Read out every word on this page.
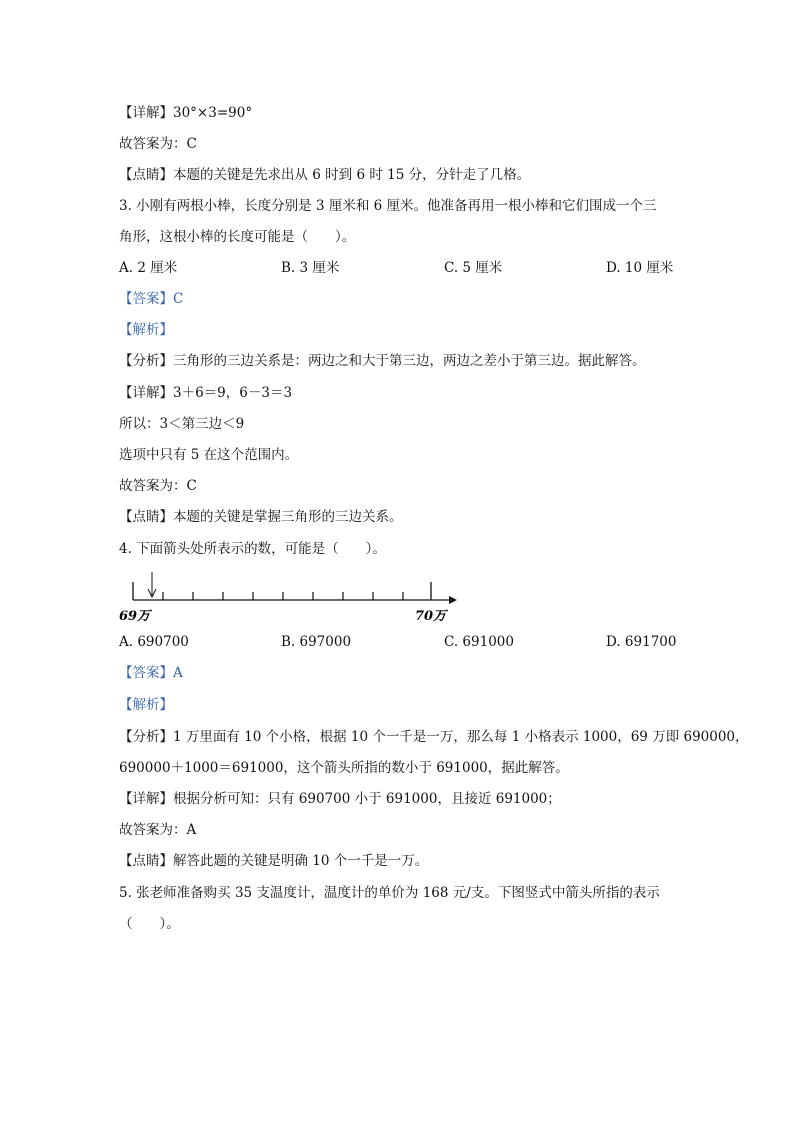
【详解】30°×3=90°
故答案为：C
【点睛】本题的关键是先求出从 6 时到 6 时 15 分，分针走了几格。
3. 小刚有两根小棒，长度分别是 3 厘米和 6 厘米。他准备再用一根小棒和它们围成一个三
角形，这根小棒的长度可能是（　　）。
A. 2 厘米	B. 3 厘米	C. 5 厘米	D. 10 厘米
【答案】C
【解析】
【分析】三角形的三边关系是：两边之和大于第三边，两边之差小于第三边。据此解答。
【详解】3＋6＝9，6－3＝3
所以：3＜第三边＜9
选项中只有 5 在这个范围内。
故答案为：C
【点睛】本题的关键是掌握三角形的三边关系。
4. 下面箭头处所表示的数，可能是（　　）。
69万	70万
A. 690700	B. 697000	C. 691000	D. 691700
【答案】A
【解析】
【分析】1 万里面有 10 个小格，根据 10 个一千是一万，那么每 1 小格表示 1000，69 万即 690000，
690000＋1000＝691000，这个箭头所指的数小于 691000，据此解答。
【详解】根据分析可知：只有 690700 小于 691000，且接近 691000；
故答案为：A
【点睛】解答此题的关键是明确 10 个一千是一万。
5. 张老师准备购买 35 支温度计，温度计的单价为 168 元/支。下图竖式中箭头所指的表示
（　　）。
